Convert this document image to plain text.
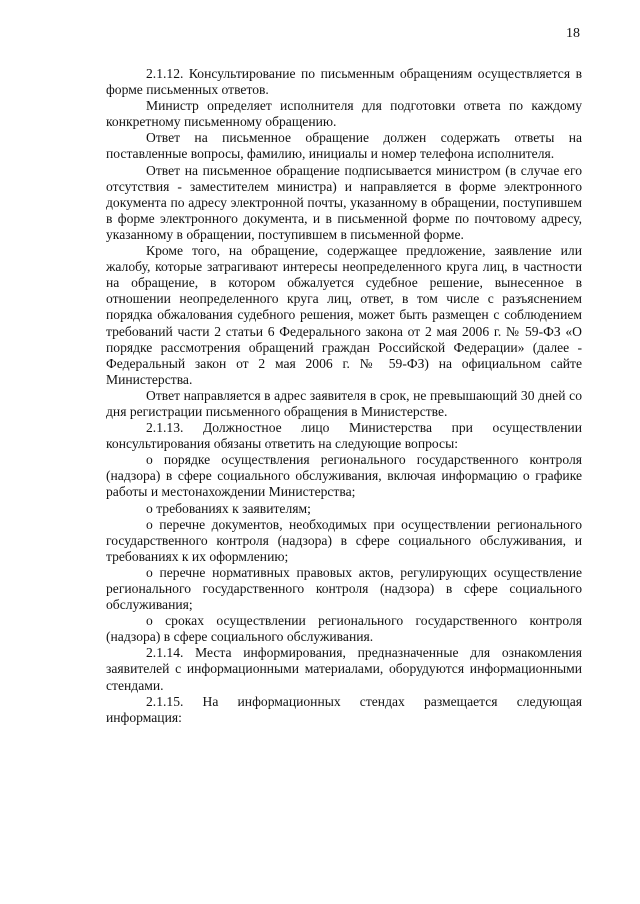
18

2.1.12. Консультирование по письменным обращениям осуществляется в форме письменных ответов.

Министр определяет исполнителя для подготовки ответа по каждому конкретному письменному обращению.

Ответ на письменное обращение должен содержать ответы на поставленные вопросы, фамилию, инициалы и номер телефона исполнителя.

Ответ на письменное обращение подписывается министром (в случае его отсутствия - заместителем министра) и направляется в форме электронного документа по адресу электронной почты, указанному в обращении, поступившем в форме электронного документа, и в письменной форме по почтовому адресу, указанному в обращении, поступившем в письменной форме.

Кроме того, на обращение, содержащее предложение, заявление или жалобу, которые затрагивают интересы неопределенного круга лиц, в частности на обращение, в котором обжалуется судебное решение, вынесенное в отношении неопределенного круга лиц, ответ, в том числе с разъяснением порядка обжалования судебного решения, может быть размещен с соблюдением требований части 2 статьи 6 Федерального закона от 2 мая 2006 г. № 59-ФЗ «О порядке рассмотрения обращений граждан Российской Федерации» (далее - Федеральный закон от 2 мая 2006 г. № 59-ФЗ) на официальном сайте Министерства.

Ответ направляется в адрес заявителя в срок, не превышающий 30 дней со дня регистрации письменного обращения в Министерстве.

2.1.13. Должностное лицо Министерства при осуществлении консультирования обязаны ответить на следующие вопросы:

о порядке осуществления регионального государственного контроля (надзора) в сфере социального обслуживания, включая информацию о графике работы и местонахождении Министерства;

о требованиях к заявителям;

о перечне документов, необходимых при осуществлении регионального государственного контроля (надзора) в сфере социального обслуживания, и требованиях к их оформлению;

о перечне нормативных правовых актов, регулирующих осуществление регионального государственного контроля (надзора) в сфере социального обслуживания;

о сроках осуществлении регионального государственного контроля (надзора) в сфере социального обслуживания.

2.1.14. Места информирования, предназначенные для ознакомления заявителей с информационными материалами, оборудуются информационными стендами.

2.1.15. На информационных стендах размещается следующая информация:
